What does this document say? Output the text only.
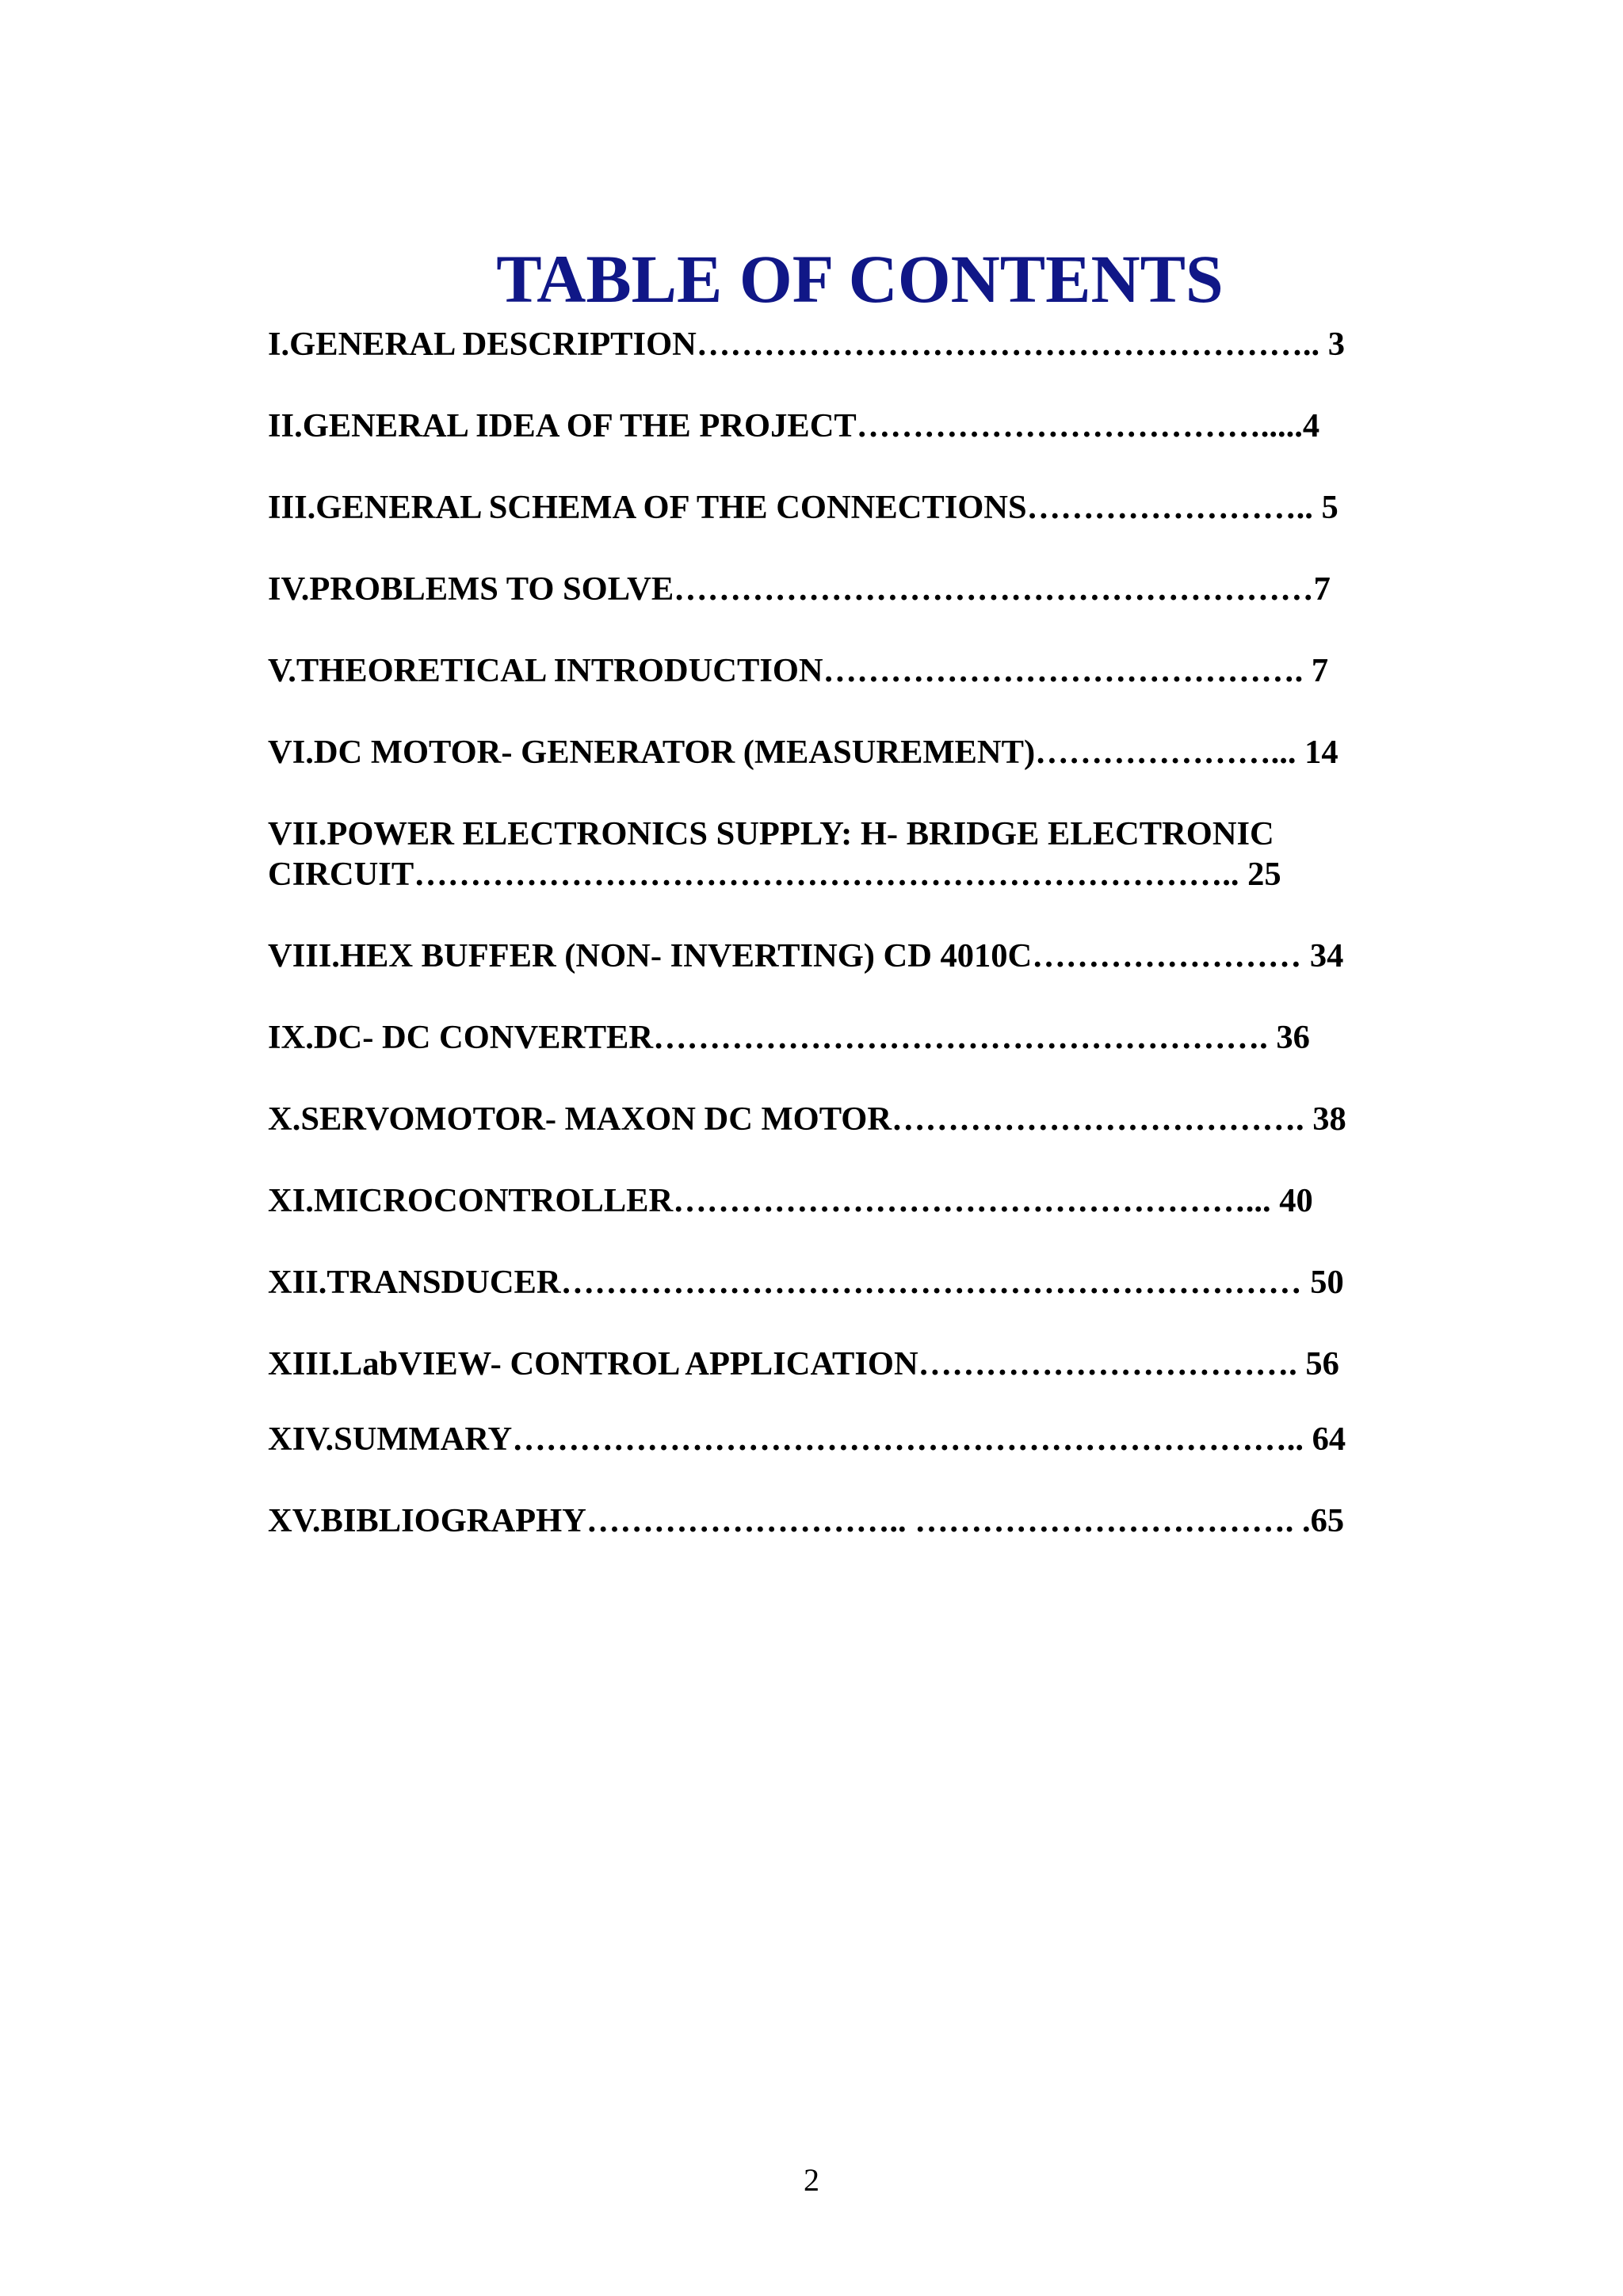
TABLE OF CONTENTS
I.GENERAL DESCRIPTION……………………………………………….. 3
II.GENERAL IDEA OF THE PROJECT……………………………….....4
III.GENERAL SCHEMA OF THE CONNECTIONS…………………….. 5
IV.PROBLEMS TO SOLVE…………………………………………………7
V.THEORETICAL INTRODUCTION……………………………………. 7
VI.DC MOTOR- GENERATOR (MEASUREMENT)…………………... 14
VII.POWER ELECTRONICS SUPPLY: H- BRIDGE ELECTRONIC
CIRCUIT……………………………………………………………….. 25
VIII.HEX BUFFER (NON- INVERTING) CD 4010C…………………… 34
IX.DC- DC CONVERTER………………………………………………. 36
X.SERVOMOTOR- MAXON DC MOTOR………………………………. 38
XI.MICROCONTROLLER……………………………………………... 40
XII.TRANSDUCER………………………………………………………… 50
XIII.LabVIEW- CONTROL APPLICATION……………………………. 56
XIV.SUMMARY…………………………………………………………….. 64
XV.BIBLIOGRAPHY……………………….. ……………………………. .65
2
